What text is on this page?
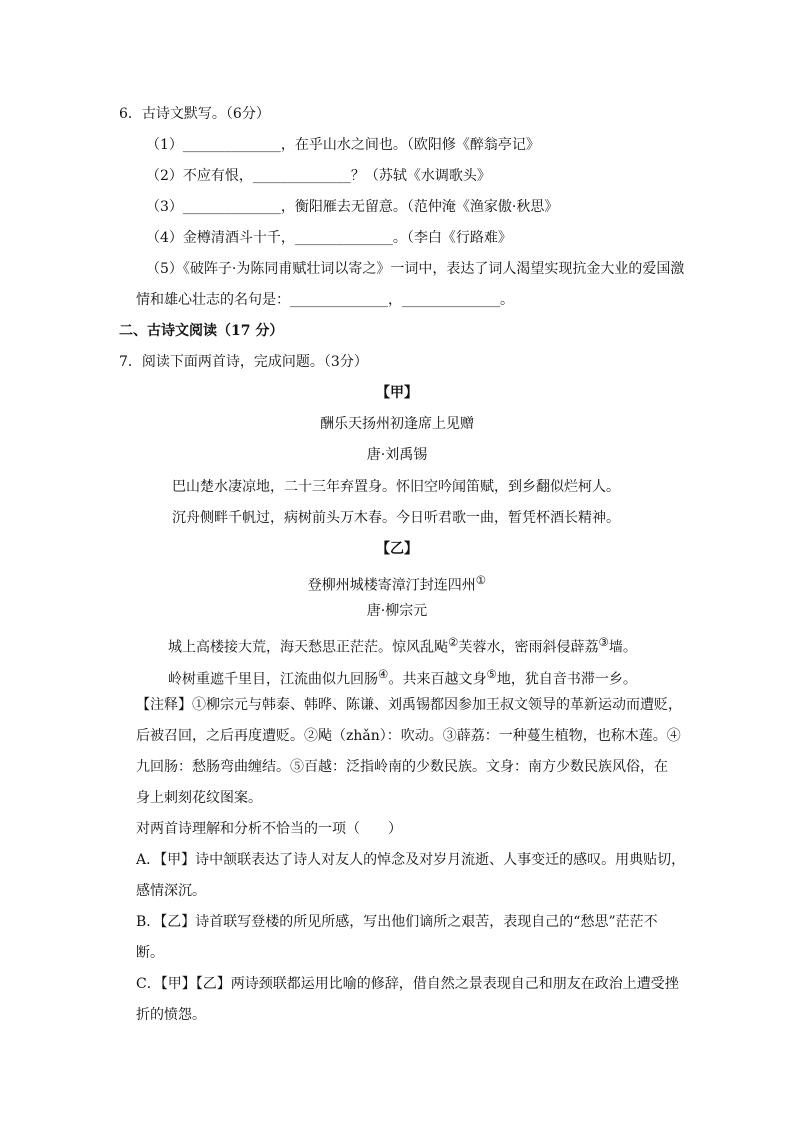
6．古诗文默写。（6分）
（1）______________，在乎山水之间也。（欧阳修《醉翁亭记》
（2）不应有恨，______________？（苏轼《水调歌头》
（3）______________，衡阳雁去无留意。（范仲淹《渔家傲·秋思》
（4）金樽清酒斗十千，______________。（李白《行路难》
（5）《破阵子·为陈同甫赋壮词以寄之》一词中，表达了词人渴望实现抗金大业的爱国激
情和雄心壮志的名句是：______________，______________。
二、古诗文阅读（17 分）
7．阅读下面两首诗，完成问题。（3分）
【甲】
酬乐天扬州初逢席上见赠
唐·刘禹锡
巴山楚水凄凉地，二十三年弃置身。怀旧空吟闻笛赋，到乡翻似烂柯人。
沉舟侧畔千帆过，病树前头万木春。今日听君歌一曲，暂凭杯酒长精神。
【乙】
登柳州城楼寄漳汀封连四州①
唐·柳宗元
城上高楼接大荒，海天愁思正茫茫。惊风乱飐②芙蓉水，密雨斜侵薜荔③墙。
岭树重遮千里目，江流曲似九回肠④。共来百越文身⑤地，犹自音书滞一乡。
【注释】①柳宗元与韩泰、韩晔、陈谦、刘禹锡都因参加王叔文领导的革新运动而遭贬，
后被召回，之后再度遭贬。②飐（zhǎn）：吹动。③薜荔：一种蔓生植物，也称木莲。④
九回肠：愁肠弯曲缠结。⑤百越：泛指岭南的少数民族。文身：南方少数民族风俗，在
身上刺刻花纹图案。
对两首诗理解和分析不恰当的一项（　　）
A．【甲】诗中颔联表达了诗人对友人的悼念及对岁月流逝、人事变迁的感叹。用典贴切，
感情深沉。
B．【乙】诗首联写登楼的所见所感，写出他们谪所之艰苦，表现自己的“愁思”茫茫不
断。
C．【甲】【乙】两诗颈联都运用比喻的修辞，借自然之景表现自己和朋友在政治上遭受挫
折的愤怨。
